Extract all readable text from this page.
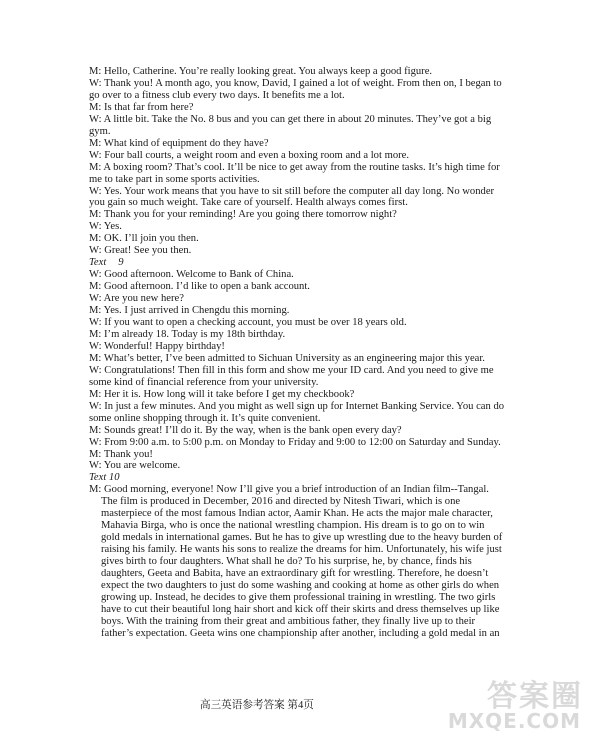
M: Hello, Catherine. You’re really looking great. You always keep a good figure.
W: Thank you! A month ago, you know, David, I gained a lot of weight. From then on, I began to
go over to a fitness club every two days. It benefits me a lot.
M: Is that far from here?
W: A little bit. Take the No. 8 bus and you can get there in about 20 minutes. They’ve got a big
gym.
M: What kind of equipment do they have?
W: Four ball courts, a weight room and even a boxing room and a lot more.
M: A boxing room? That’s cool. It’ll be nice to get away from the routine tasks. It’s high time for
me to take part in some sports activities.
W: Yes. Your work means that you have to sit still before the computer all day long. No wonder
you gain so much weight. Take care of yourself. Health always comes first.
M: Thank you for your reminding! Are you going there tomorrow night?
W: Yes.
M: OK. I’ll join you then.
W: Great! See you then.
Text 9
W: Good afternoon. Welcome to Bank of China.
M: Good afternoon. I’d like to open a bank account.
W: Are you new here?
M: Yes. I just arrived in Chengdu this morning.
W: If you want to open a checking account, you must be over 18 years old.
M: I’m already 18. Today is my 18th birthday.
W: Wonderful! Happy birthday!
M: What’s better, I’ve been admitted to Sichuan University as an engineering major this year.
W: Congratulations! Then fill in this form and show me your ID card. And you need to give me
some kind of financial reference from your university.
M: Her it is. How long will it take before I get my checkbook?
W: In just a few minutes. And you might as well sign up for Internet Banking Service. You can do
some online shopping through it. It’s quite convenient.
M: Sounds great! I’ll do it. By the way, when is the bank open every day?
W: From 9:00 a.m. to 5:00 p.m. on Monday to Friday and 9:00 to 12:00 on Saturday and Sunday.
M: Thank you!
W: You are welcome.
Text 10
M: Good morning, everyone! Now I’ll give you a brief introduction of an Indian film--Tangal.
The film is produced in December, 2016 and directed by Nitesh Tiwari, which is one
masterpiece of the most famous Indian actor, Aamir Khan. He acts the major male character,
Mahavia Birga, who is once the national wrestling champion. His dream is to go on to win
gold medals in international games. But he has to give up wrestling due to the heavy burden of
raising his family. He wants his sons to realize the dreams for him. Unfortunately, his wife just
gives birth to four daughters. What shall he do? To his surprise, he, by chance, finds his
daughters, Geeta and Babita, have an extraordinary gift for wrestling. Therefore, he doesn’t
expect the two daughters to just do some washing and cooking at home as other girls do when
growing up. Instead, he decides to give them professional training in wrestling. The two girls
have to cut their beautiful long hair short and kick off their skirts and dress themselves up like
boys. With the training from their great and ambitious father, they finally live up to their
father’s expectation. Geeta wins one championship after another, including a gold medal in an
高三英语参考答案 第4页	答案圈
MXQE.COM
